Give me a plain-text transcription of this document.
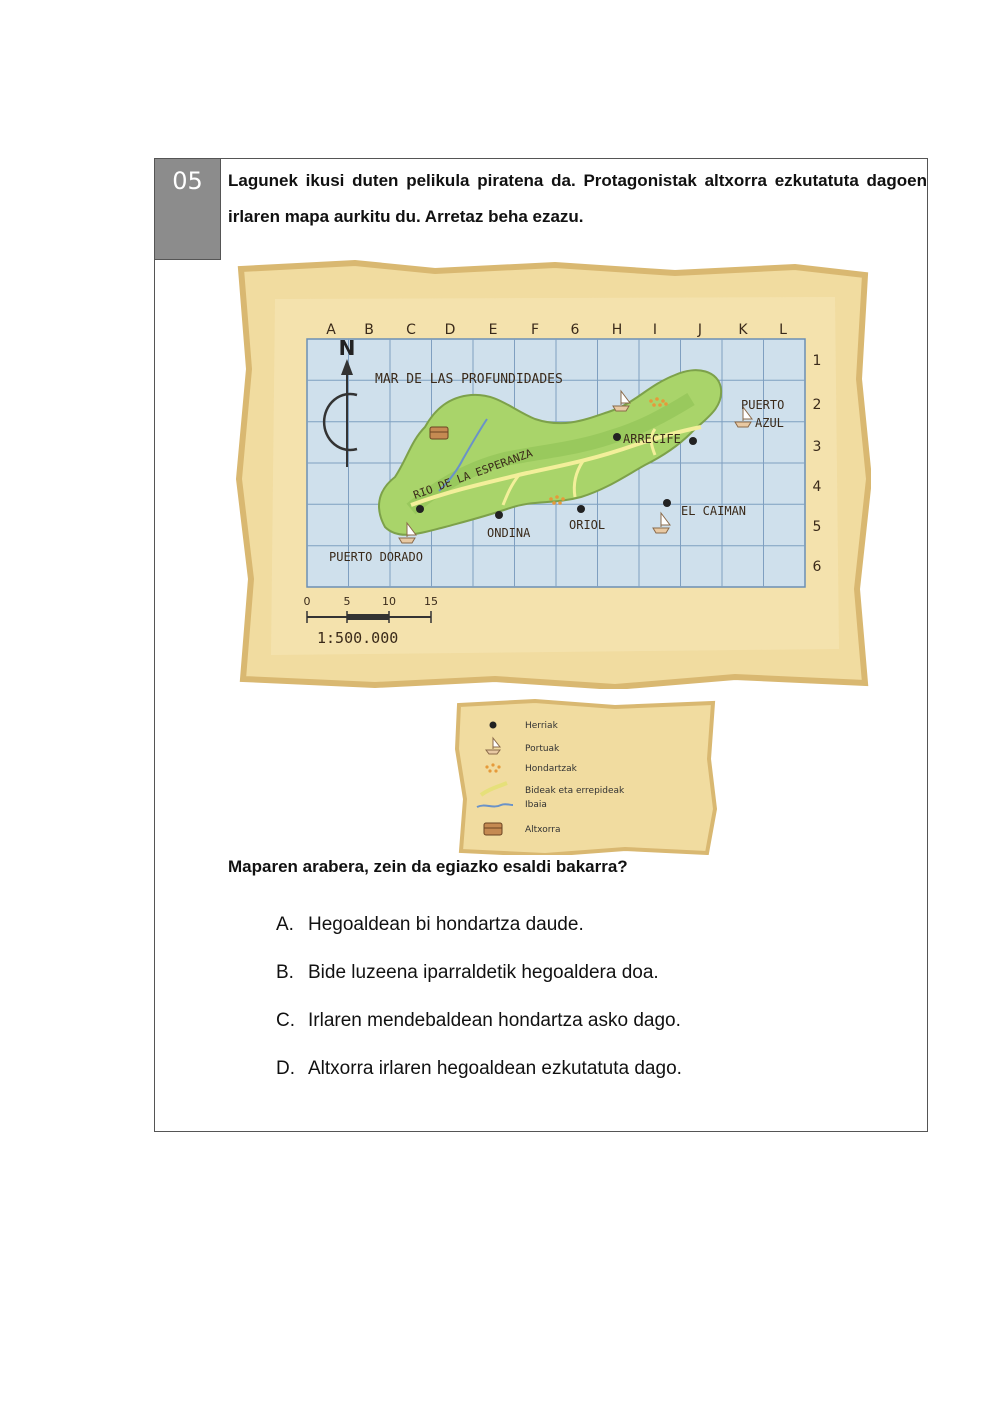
05	Lagunek ikusi duten pelikula piratena da. Protagonistak altxorra ezkutatuta dagoen irlaren mapa aurkitu du. Arretaz beha ezazu.
A B C D E F 6 H I	J	K L
1
2
3
4
5
6
N
MAR DE LAS PROFUNDIDADES
ARRECIFE
PUERTO
AZUL
EL CAIMAN
ONDINA
ORIOL
PUERTO DORADO
RIO DE LA ESPERANZA
0	5	10	15
1:500.000
Herriak
Portuak
Hondartzak
Bideak eta errepideak
Ibaia
Altxorra
Maparen arabera, zein da egiazko esaldi bakarra?
A. Hegoaldean bi hondartza daude.
B. Bide luzeena iparraldetik hegoaldera doa.
C. Irlaren mendebaldean hondartza asko dago.
D. Altxorra irlaren hegoaldean ezkutatuta dago.
